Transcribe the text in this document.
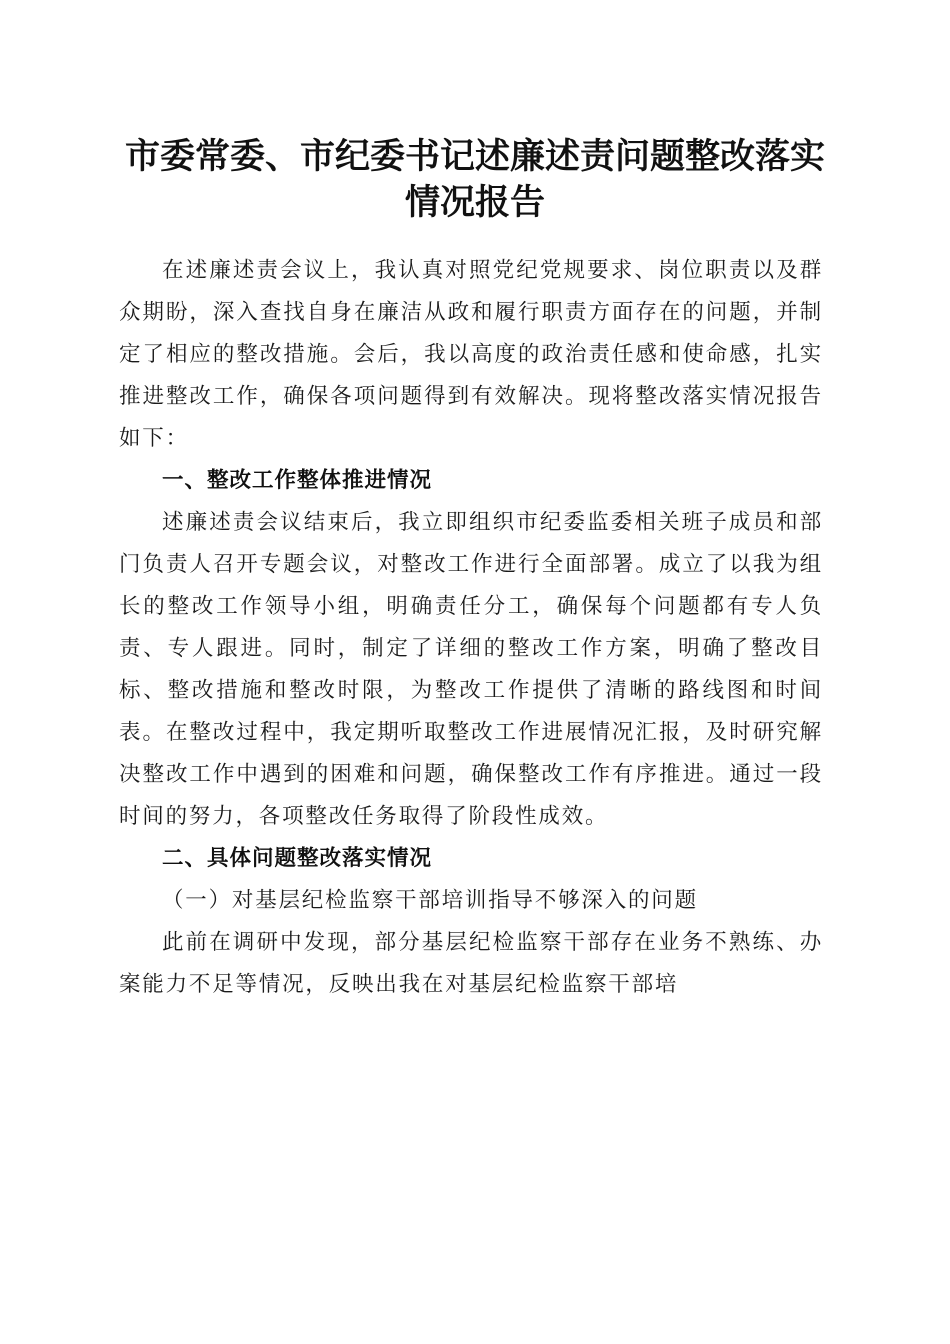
市委常委、市纪委书记述廉述责问题整改落实
情况报告

在述廉述责会议上，我认真对照党纪党规要求、岗位职责以及群众期盼，深入查找自身在廉洁从政和履行职责方面存在的问题，并制定了相应的整改措施。会后，我以高度的政治责任感和使命感，扎实推进整改工作，确保各项问题得到有效解决。现将整改落实情况报告如下：

一、整改工作整体推进情况

述廉述责会议结束后，我立即组织市纪委监委相关班子成员和部门负责人召开专题会议，对整改工作进行全面部署。成立了以我为组长的整改工作领导小组，明确责任分工，确保每个问题都有专人负责、专人跟进。同时，制定了详细的整改工作方案，明确了整改目标、整改措施和整改时限，为整改工作提供了清晰的路线图和时间表。在整改过程中，我定期听取整改工作进展情况汇报，及时研究解决整改工作中遇到的困难和问题，确保整改工作有序推进。通过一段时间的努力，各项整改任务取得了阶段性成效。

二、具体问题整改落实情况

（一）对基层纪检监察干部培训指导不够深入的问题

此前在调研中发现，部分基层纪检监察干部存在业务不熟练、办案能力不足等情况，反映出我在对基层纪检监察干部培
